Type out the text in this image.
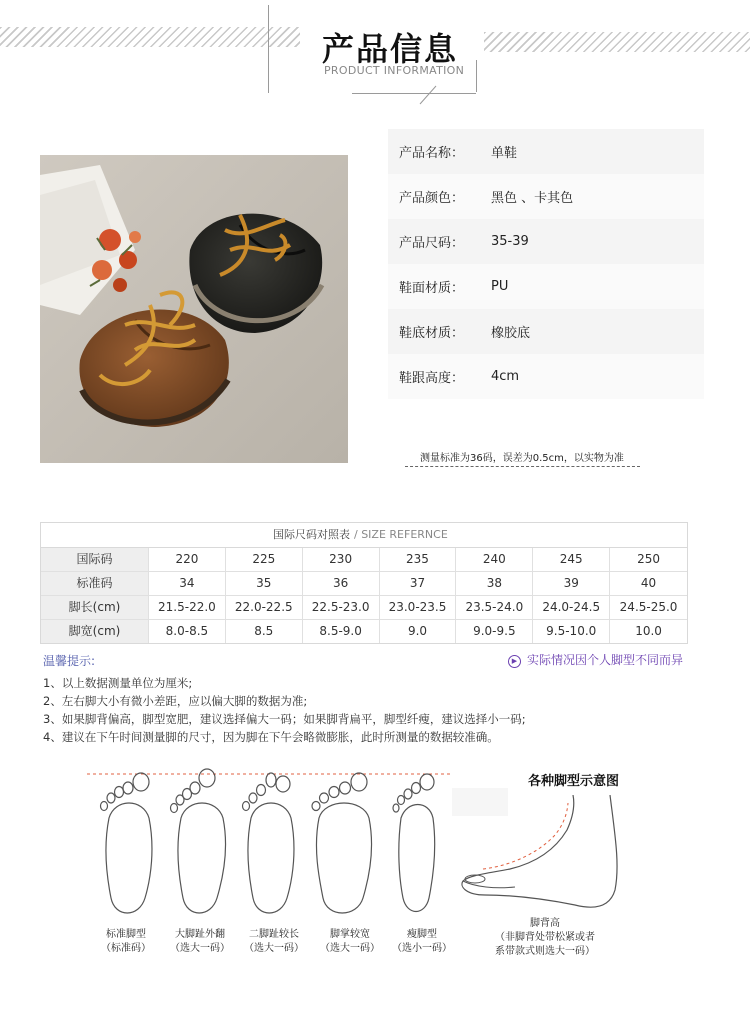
产品信息
PRODUCT INFORMATION
产品名称：	单鞋
产品颜色：	黑色 、卡其色
产品尺码：	35-39
鞋面材质：	PU
鞋底材质：	橡胶底
鞋跟高度：	4cm
测量标准为36码，误差为0.5cm，以实物为准
国际尺码对照表 / SIZE REFERNCE
国际码	220	225	230	235	240	245	250
标准码	34	35	36	37	38	39	40
脚长(cm)	21.5-22.0	22.0-22.5	22.5-23.0	23.0-23.5	23.5-24.0	24.0-24.5	24.5-25.0
脚宽(cm)	8.0-8.5	8.5	8.5-9.0	9.0	9.0-9.5	9.5-10.0	10.0
温馨提示:	▶ 实际情况因个人脚型不同而异
1、以上数据测量单位为厘米;
2、左右脚大小有微小差距，应以偏大脚的数据为准;
3、如果脚背偏高，脚型宽肥，建议选择偏大一码；如果脚背扁平，脚型纤瘦，建议选择小一码;
4、建议在下午时间测量脚的尺寸，因为脚在下午会略微膨胀，此时所测量的数据较准确。
标准脚型
（标准码）
大脚趾外翻
（选大一码）
二脚趾较长
（选大一码）
脚掌较宽
（选大一码）
瘦脚型
（选小一码）
各种脚型示意图
脚背高
（非脚背处带松紧或者
系带款式则选大一码）
